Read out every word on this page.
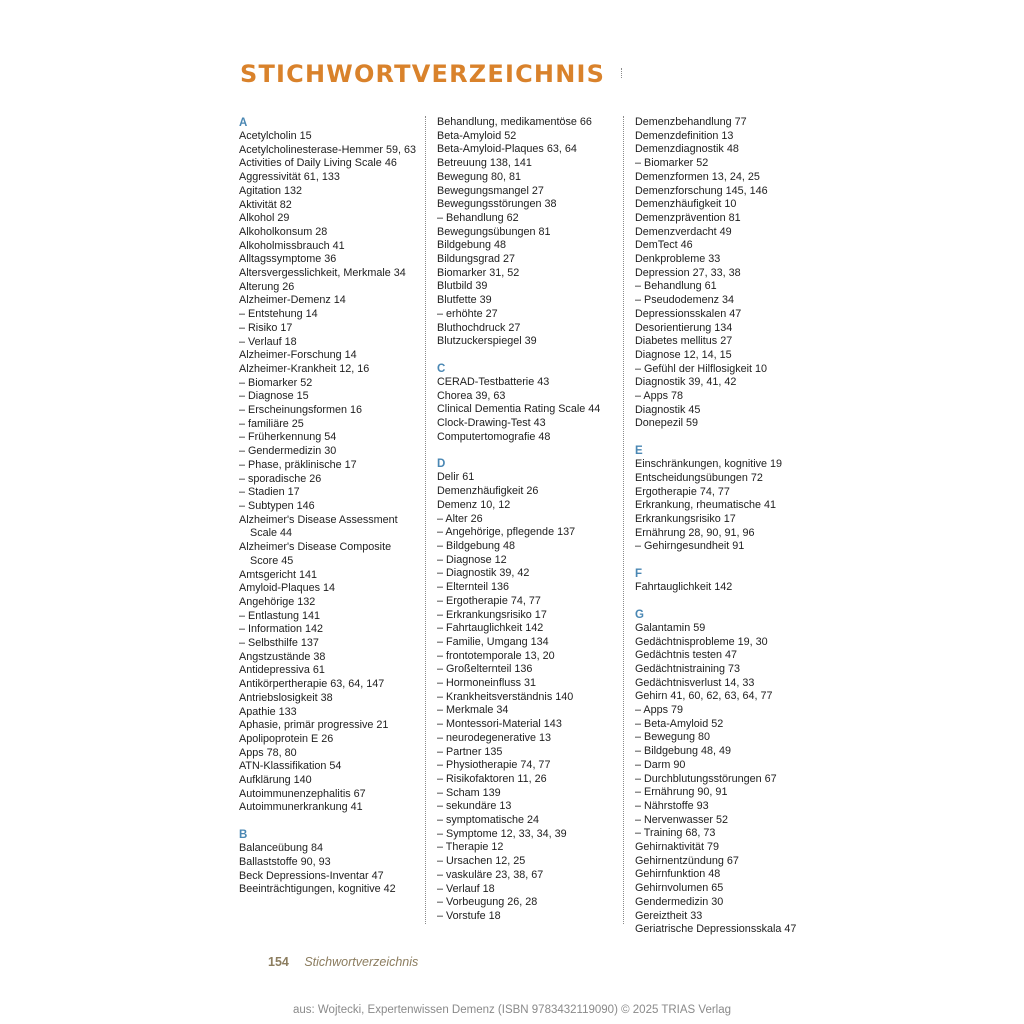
STICHWORTVERZEICHNIS
A
Acetylcholin 15
Acetylcholinesterase-Hemmer 59, 63
Activities of Daily Living Scale 46
Aggressivität 61, 133
Agitation 132
Aktivität 82
Alkohol 29
Alkoholkonsum 28
Alkoholmissbrauch 41
Alltagssymptome 36
Altersvergesslichkeit, Merkmale 34
Alterung 26
Alzheimer-Demenz 14
– Entstehung 14
– Risiko 17
– Verlauf 18
Alzheimer-Forschung 14
Alzheimer-Krankheit 12, 16
– Biomarker 52
– Diagnose 15
– Erscheinungsformen 16
– familiäre 25
– Früherkennung 54
– Gendermedizin 30
– Phase, präklinische 17
– sporadische 26
– Stadien 17
– Subtypen 146
Alzheimer's Disease Assessment Scale 44
Alzheimer's Disease Composite Score 45
Amtsgericht 141
Amyloid-Plaques 14
Angehörige 132
– Entlastung 141
– Information 142
– Selbsthilfe 137
Angstzustände 38
Antidepressiva 61
Antikörpertherapie 63, 64, 147
Antriebslosigkeit 38
Apathie 133
Aphasie, primär progressive 21
Apolipoprotein E 26
Apps 78, 80
ATN-Klassifikation 54
Aufklärung 140
Autoimmunenzephalitis 67
Autoimmunerkrankung 41
B
Balanceübung 84
Ballaststoffe 90, 93
Beck Depressions-Inventar 47
Beeinträchtigungen, kognitive 42
Behandlung, medikamentöse 66
Beta-Amyloid 52
Beta-Amyloid-Plaques 63, 64
Betreuung 138, 141
Bewegung 80, 81
Bewegungsmangel 27
Bewegungsstörungen 38
– Behandlung 62
Bewegungsübungen 81
Bildgebung 48
Bildungsgrad 27
Biomarker 31, 52
Blutbild 39
Blutfette 39
– erhöhte 27
Bluthochdruck 27
Blutzuckerspiegel 39
C
CERAD-Testbatterie 43
Chorea 39, 63
Clinical Dementia Rating Scale 44
Clock-Drawing-Test 43
Computertomografie 48
D
Delir 61
Demenzhäufigkeit 26
Demenz 10, 12
– Alter 26
– Angehörige, pflegende 137
– Bildgebung 48
– Diagnose 12
– Diagnostik 39, 42
– Elternteil 136
– Ergotherapie 74, 77
– Erkrankungsrisiko 17
– Fahrtauglichkeit 142
– Familie, Umgang 134
– frontotemporale 13, 20
– Großelternteil 136
– Hormoneinfluss 31
– Krankheitsverständnis 140
– Merkmale 34
– Montessori-Material 143
– neurodegenerative 13
– Partner 135
– Physiotherapie 74, 77
– Risikofaktoren 11, 26
– Scham 139
– sekundäre 13
– symptomatische 24
– Symptome 12, 33, 34, 39
– Therapie 12
– Ursachen 12, 25
– vaskuläre 23, 38, 67
– Verlauf 18
– Vorbeugung 26, 28
– Vorstufe 18
Demenzbehandlung 77
Demenzdefinition 13
Demenzdiagnostik 48
– Biomarker 52
Demenzformen 13, 24, 25
Demenzforschung 145, 146
Demenzhäufigkeit 10
Demenzprävention 81
Demenzverdacht 49
DemTect 46
Denkprobleme 33
Depression 27, 33, 38
– Behandlung 61
– Pseudodemenz 34
Depressionsskalen 47
Desorientierung 134
Diabetes mellitus 27
Diagnose 12, 14, 15
– Gefühl der Hilflosigkeit 10
Diagnostik 39, 41, 42
– Apps 78
Diagnostik 45
Donepezil 59
E
Einschränkungen, kognitive 19
Entscheidungsübungen 72
Ergotherapie 74, 77
Erkrankung, rheumatische 41
Erkrankungsrisiko 17
Ernährung 28, 90, 91, 96
– Gehirngesundheit 91
F
Fahrtauglichkeit 142
G
Galantamin 59
Gedächtnisprobleme 19, 30
Gedächtnis testen 47
Gedächtnistraining 73
Gedächtnisverlust 14, 33
Gehirn 41, 60, 62, 63, 64, 77
– Apps 79
– Beta-Amyloid 52
– Bewegung 80
– Bildgebung 48, 49
– Darm 90
– Durchblutungsstörungen 67
– Ernährung 90, 91
– Nährstoffe 93
– Nervenwasser 52
– Training 68, 73
Gehirnaktivität 79
Gehirnentzündung 67
Gehirnfunktion 48
Gehirnvolumen 65
Gendermedizin 30
Gereiztheit 33
Geriatrische Depressionsskala 47
154 Stichwortverzeichnis
aus: Wojtecki, Expertenwissen Demenz (ISBN 9783432119090) © 2025 TRIAS Verlag
